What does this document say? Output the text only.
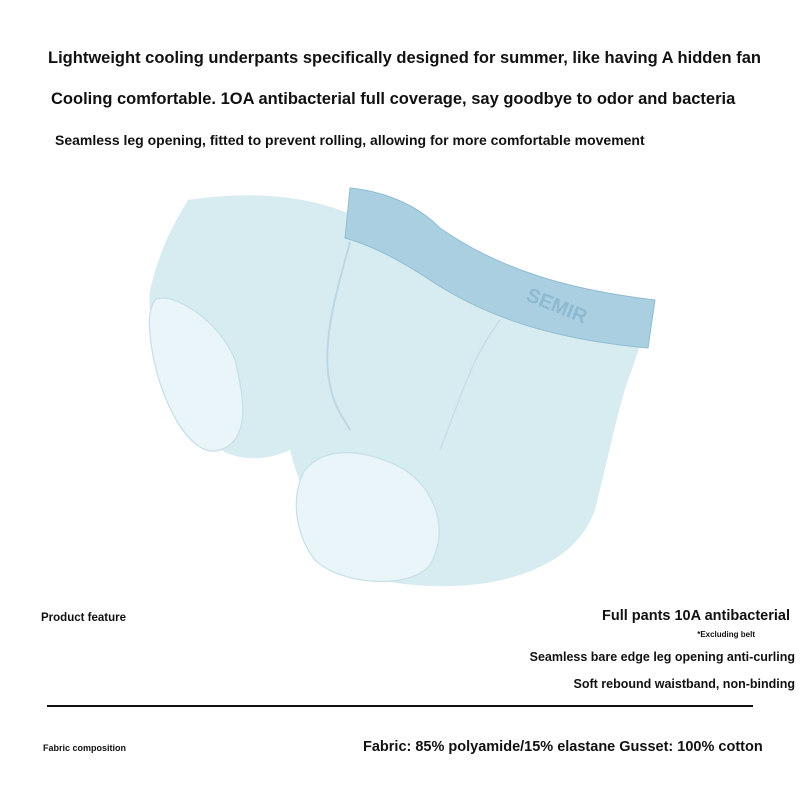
Lightweight cooling underpants specifically designed for summer, like having A hidden fan
Cooling comfortable. 1OA antibacterial full coverage, say goodbye to odor and bacteria
Seamless leg opening, fitted to prevent rolling, allowing for more comfortable movement
SEMIR
Product feature	Full pants 10A antibacterial
*Excluding belt
Seamless bare edge leg opening anti-curling
Soft rebound waistband, non-binding
Fabric composition	Fabric: 85% polyamide/15% elastane Gusset: 100% cotton
